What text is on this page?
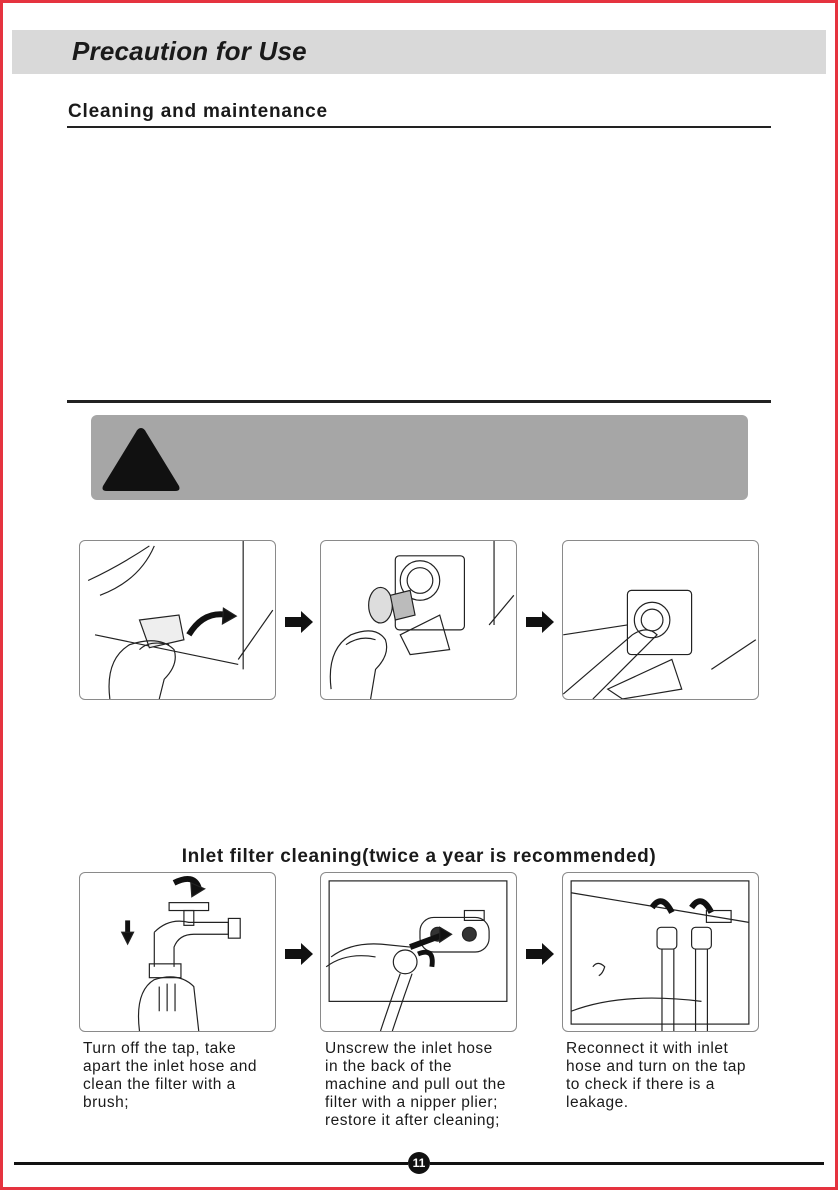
Precaution for Use
Cleaning and maintenance
Inlet filter cleaning(twice a year is recommended)
Turn off the tap, take
apart the inlet hose and
clean the filter with a
brush;
Unscrew the inlet hose
in the back of the
machine and pull out the
filter with a nipper plier;
restore it after cleaning;
Reconnect it with inlet
hose and turn on the tap
to check if there is a
leakage.
11
